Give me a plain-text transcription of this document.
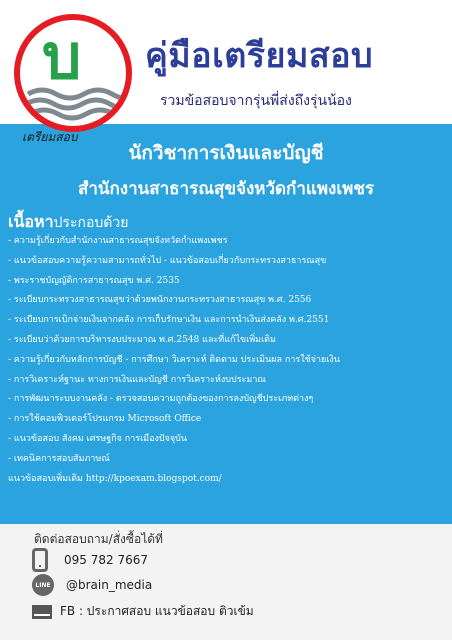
บ
เตรียมสอบ
คู่มือเตรียมสอบ
รวมข้อสอบจากรุ่นพี่ส่งถึงรุ่นน้อง
นักวิชาการเงินและบัญชี
สำนักงานสาธารณสุขจังหวัดกำแพงเพชร
เนื้อหาประกอบด้วย
- ความรู้เกี่ยวกับสำนักงานสาธารณสุขจังหวัดกำแพงเพชร
- แนวข้อสอบความรู้ความสามารถทั่วไป - แนวข้อสอบเกี่ยวกับกระทรวงสาธารณสุข
- พระราชบัญญัติการสาธารณสุข พ.ศ. 2535
- ระเบียบกระทรวงสาธารณสุขว่าด้วยพนักงานกระทรวงสาธารณสุข พ.ศ. 2556
- ระเบียบการเบิกจ่ายเงินจากคลัง การเก็บรักษาเงิน และการนำเงินส่งคลัง พ.ศ.2551
- ระเบียบว่าด้วยการบริหารงบประมาณ พ.ศ.2548 และที่แก้ไขเพิ่มเติม
- ความรู้เกี่ยวกับหลักการบัญชี - การศึกษา วิเคราะห์ ติดตาม ประเมินผล การใช้จ่ายเงิน
- การวิเคราะห์ฐานะ ทางการเงินและบัญชี การวิเคราะห์งบประมาณ
- การพัฒนาระบบงานคลัง - ตรวจสอบความถูกต้องของการลงบัญชีประเภทต่างๆ
- การใช้คอมพิวเตอร์โปรแกรม Microsoft Office
- แนวข้อสอบ สังคม เศรษฐกิจ การเมืองปัจจุบัน
- เทคนิคการสอบสัมภาษณ์
แนวข้อสอบเพิ่มเติม http://kpoexam.blogspot.com/
ติดต่อสอบถาม/สั่งซื้อได้ที่
095 782 7667
LINE @brain_media
FB : ประกาศสอบ แนวข้อสอบ ติวเข้ม
